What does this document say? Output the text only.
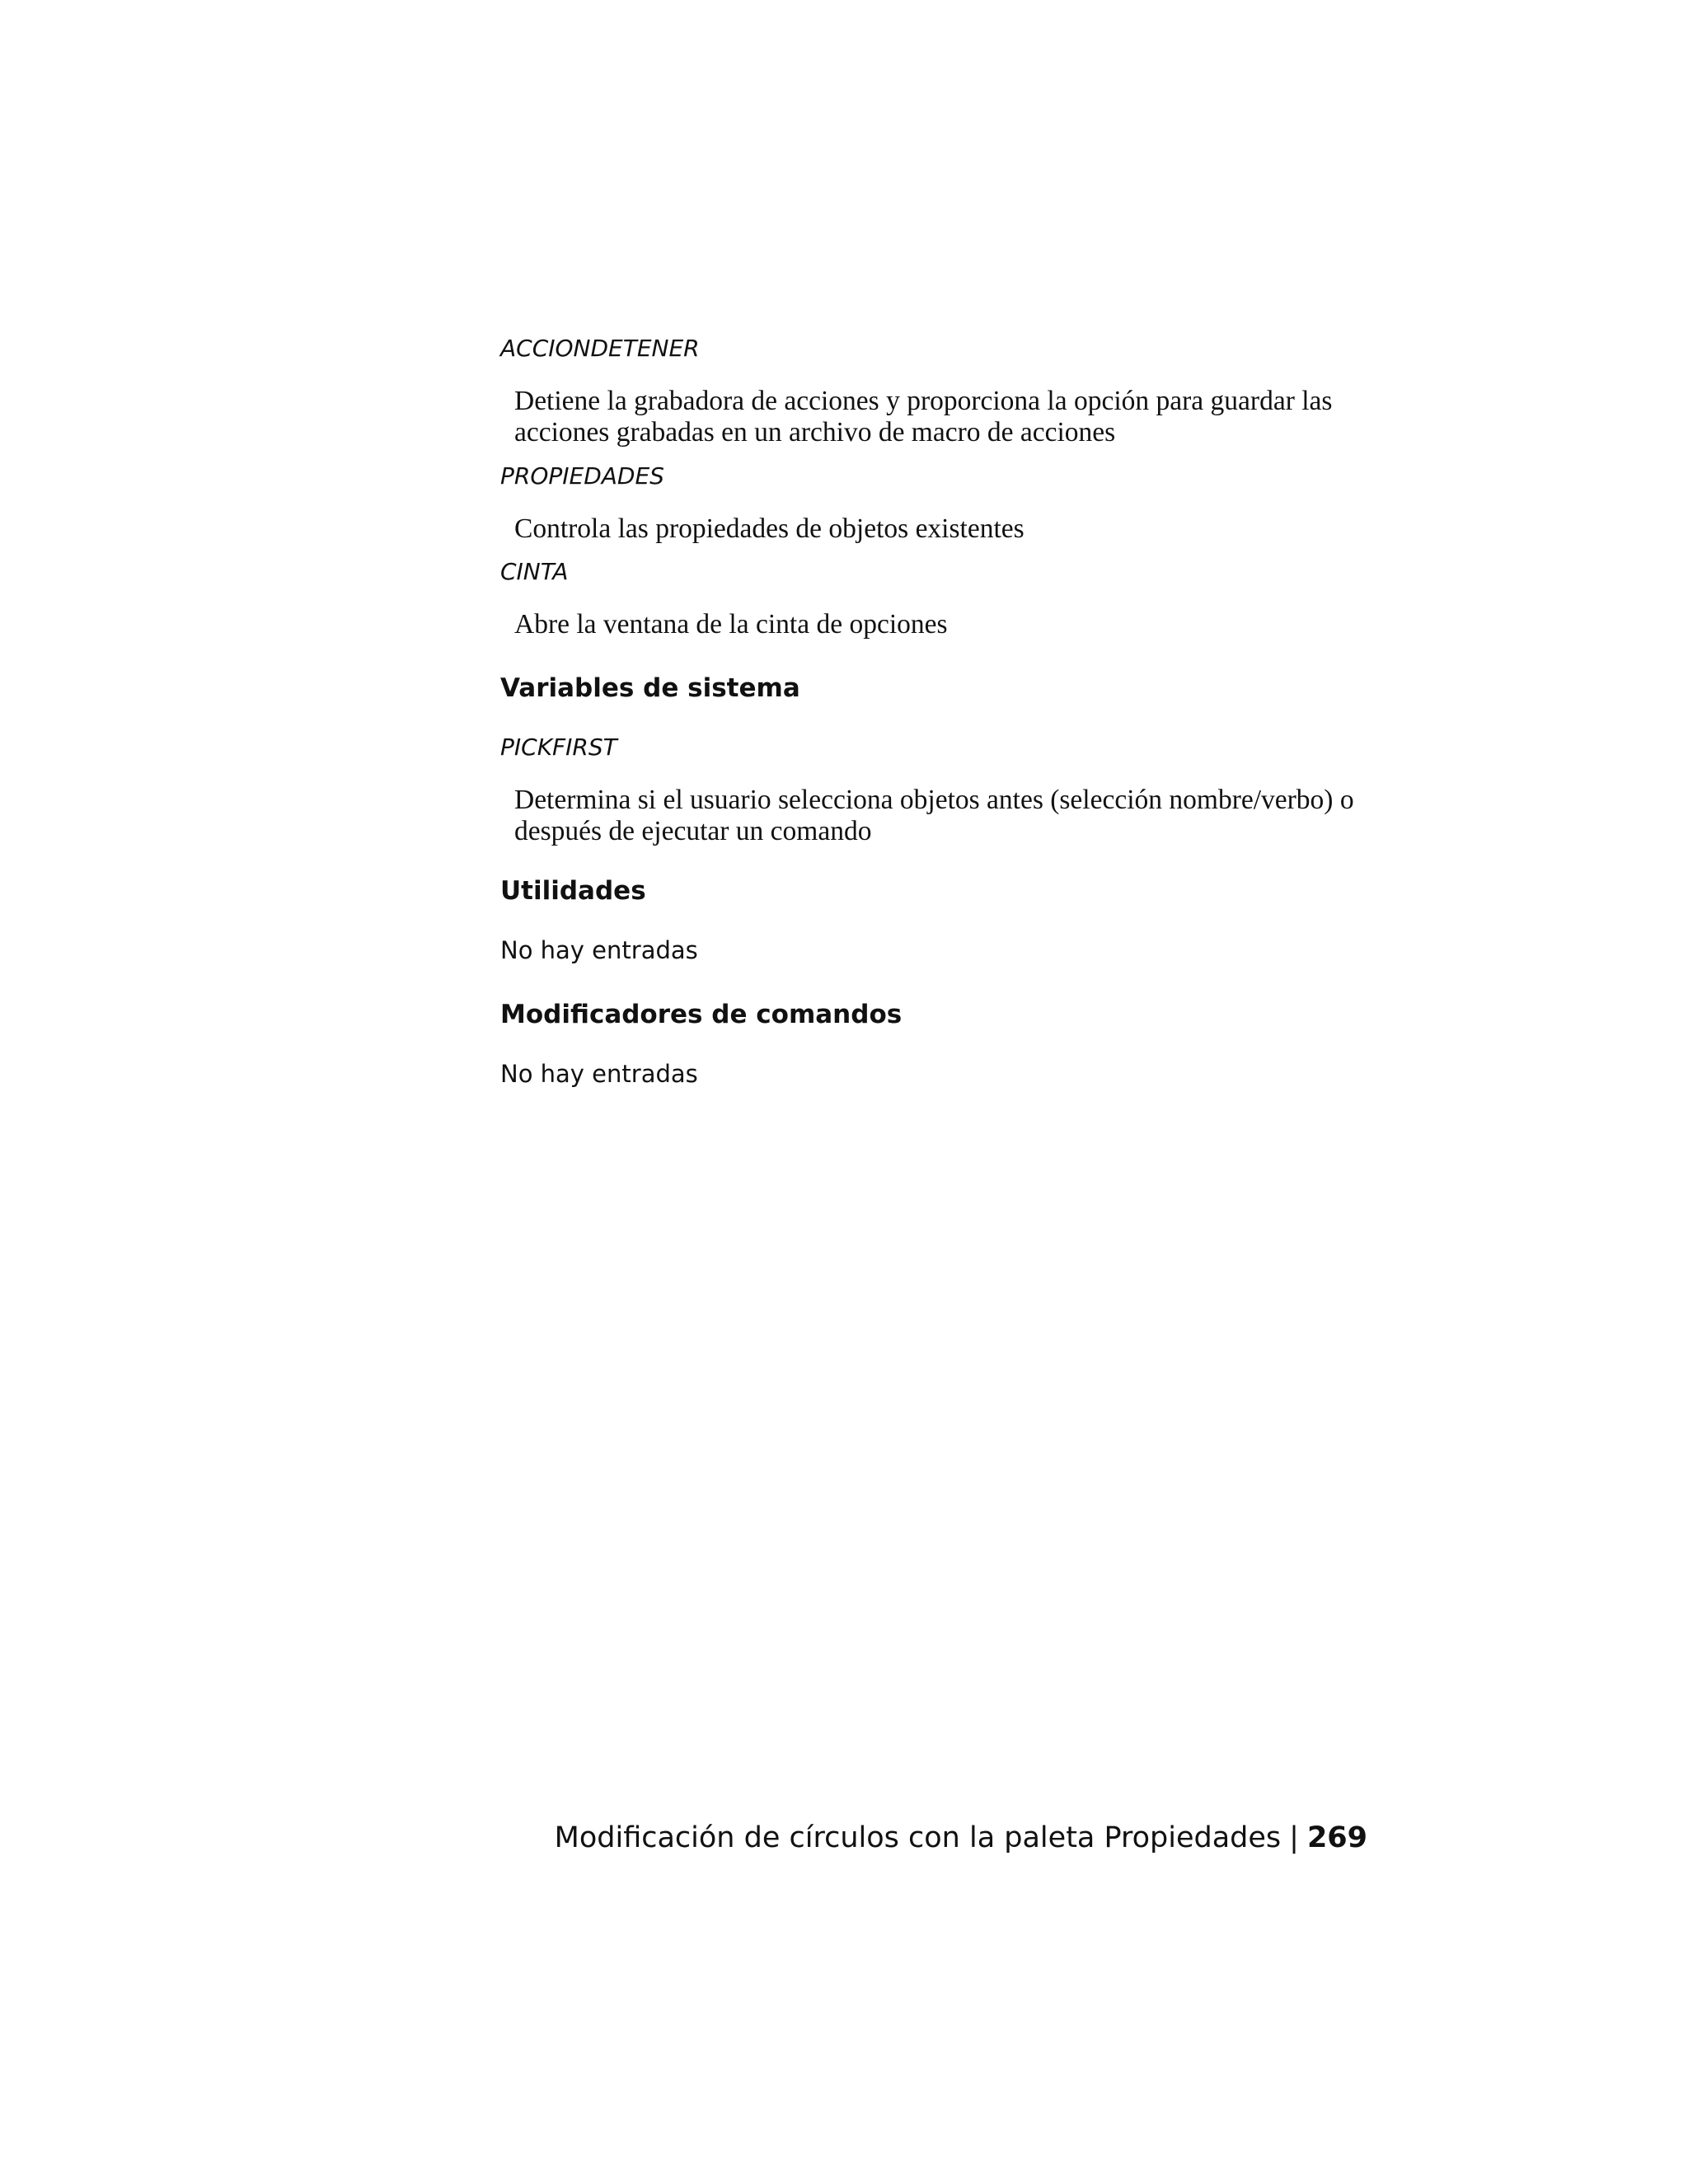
ACCIONDETENER

Detiene la grabadora de acciones y proporciona la opción para guardar las
acciones grabadas en un archivo de macro de acciones

PROPIEDADES

Controla las propiedades de objetos existentes

CINTA

Abre la ventana de la cinta de opciones
Variables de sistema

PICKFIRST

Determina si el usuario selecciona objetos antes (selección nombre/verbo) o
después de ejecutar un comando
Utilidades

No hay entradas

Modificadores de comandos

No hay entradas

Modificación de círculos con la paleta Propiedades | 269
